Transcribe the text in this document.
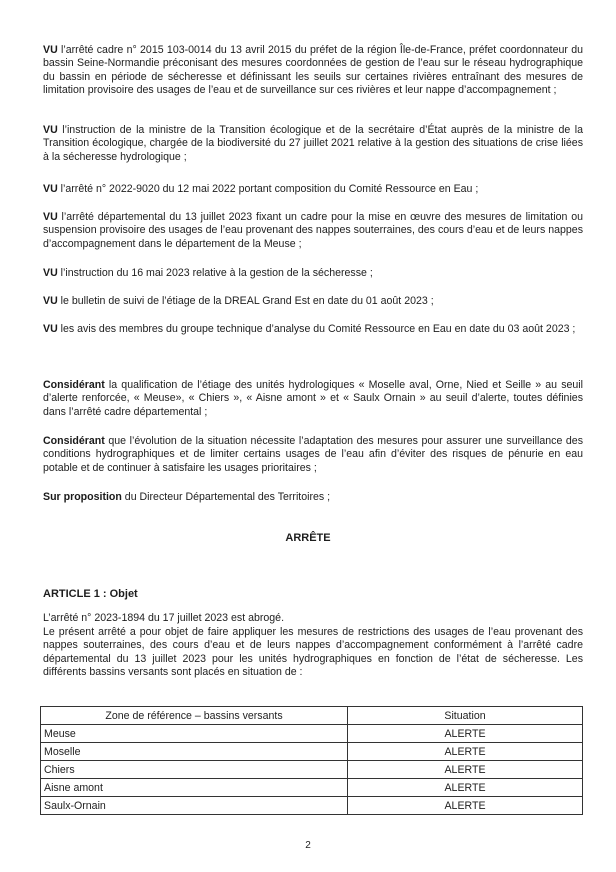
VU l’arrêté cadre n° 2015 103-0014 du 13 avril 2015 du préfet de la région Île-de-France, préfet coordonnateur du bassin Seine-Normandie préconisant des mesures coordonnées de gestion de l’eau sur le réseau hydrographique du bassin en période de sécheresse et définissant les seuils sur certaines rivières entraînant des mesures de limitation provisoire des usages de l’eau et de surveillance sur ces rivières et leur nappe d’accompagnement ;

VU l’instruction de la ministre de la Transition écologique et de la secrétaire d’État auprès de la ministre de la Transition écologique, chargée de la biodiversité du 27 juillet 2021 relative à la gestion des situations de crise liées à la sécheresse hydrologique ;

VU l’arrêté n° 2022-9020 du 12 mai 2022 portant composition du Comité Ressource en Eau ;

VU l’arrêté départemental du 13 juillet 2023 fixant un cadre pour la mise en œuvre des mesures de limitation ou suspension provisoire des usages de l’eau provenant des nappes souterraines, des cours d’eau et de leurs nappes d’accompagnement dans le département de la Meuse ;

VU l’instruction du 16 mai 2023 relative à la gestion de la sécheresse ;

VU le bulletin de suivi de l’étiage de la DREAL Grand Est en date du 01 août 2023 ;

VU les avis des membres du groupe technique d’analyse du Comité Ressource en Eau en date du 03 août 2023 ;

Considérant la qualification de l’étiage des unités hydrologiques « Moselle aval, Orne, Nied et Seille » au seuil d’alerte renforcée, « Meuse», « Chiers », « Aisne amont » et « Saulx Ornain » au seuil d’alerte, toutes définies dans l’arrêté cadre départemental ;

Considérant que l’évolution de la situation nécessite l’adaptation des mesures pour assurer une surveillance des conditions hydrographiques et de limiter certains usages de l’eau afin d’éviter des risques de pénurie en eau potable et de continuer à satisfaire les usages prioritaires ;

Sur proposition du Directeur Départemental des Territoires ;

ARRÊTE
ARTICLE 1 : Objet

L’arrêté n° 2023-1894 du 17 juillet 2023 est abrogé.

Le présent arrêté a pour objet de faire appliquer les mesures de restrictions des usages de l’eau provenant des nappes souterraines, des cours d’eau et de leurs nappes d’accompagnement conformément à l’arrêté cadre départemental du 13 juillet 2023 pour les unités hydrographiques en fonction de l’état de sécheresse. Les différents bassins versants sont placés en situation de :

Zone de référence – bassins versants	Situation
Meuse	ALERTE
Moselle	ALERTE
Chiers	ALERTE
Aisne amont	ALERTE
Saulx-Ornain	ALERTE
2
